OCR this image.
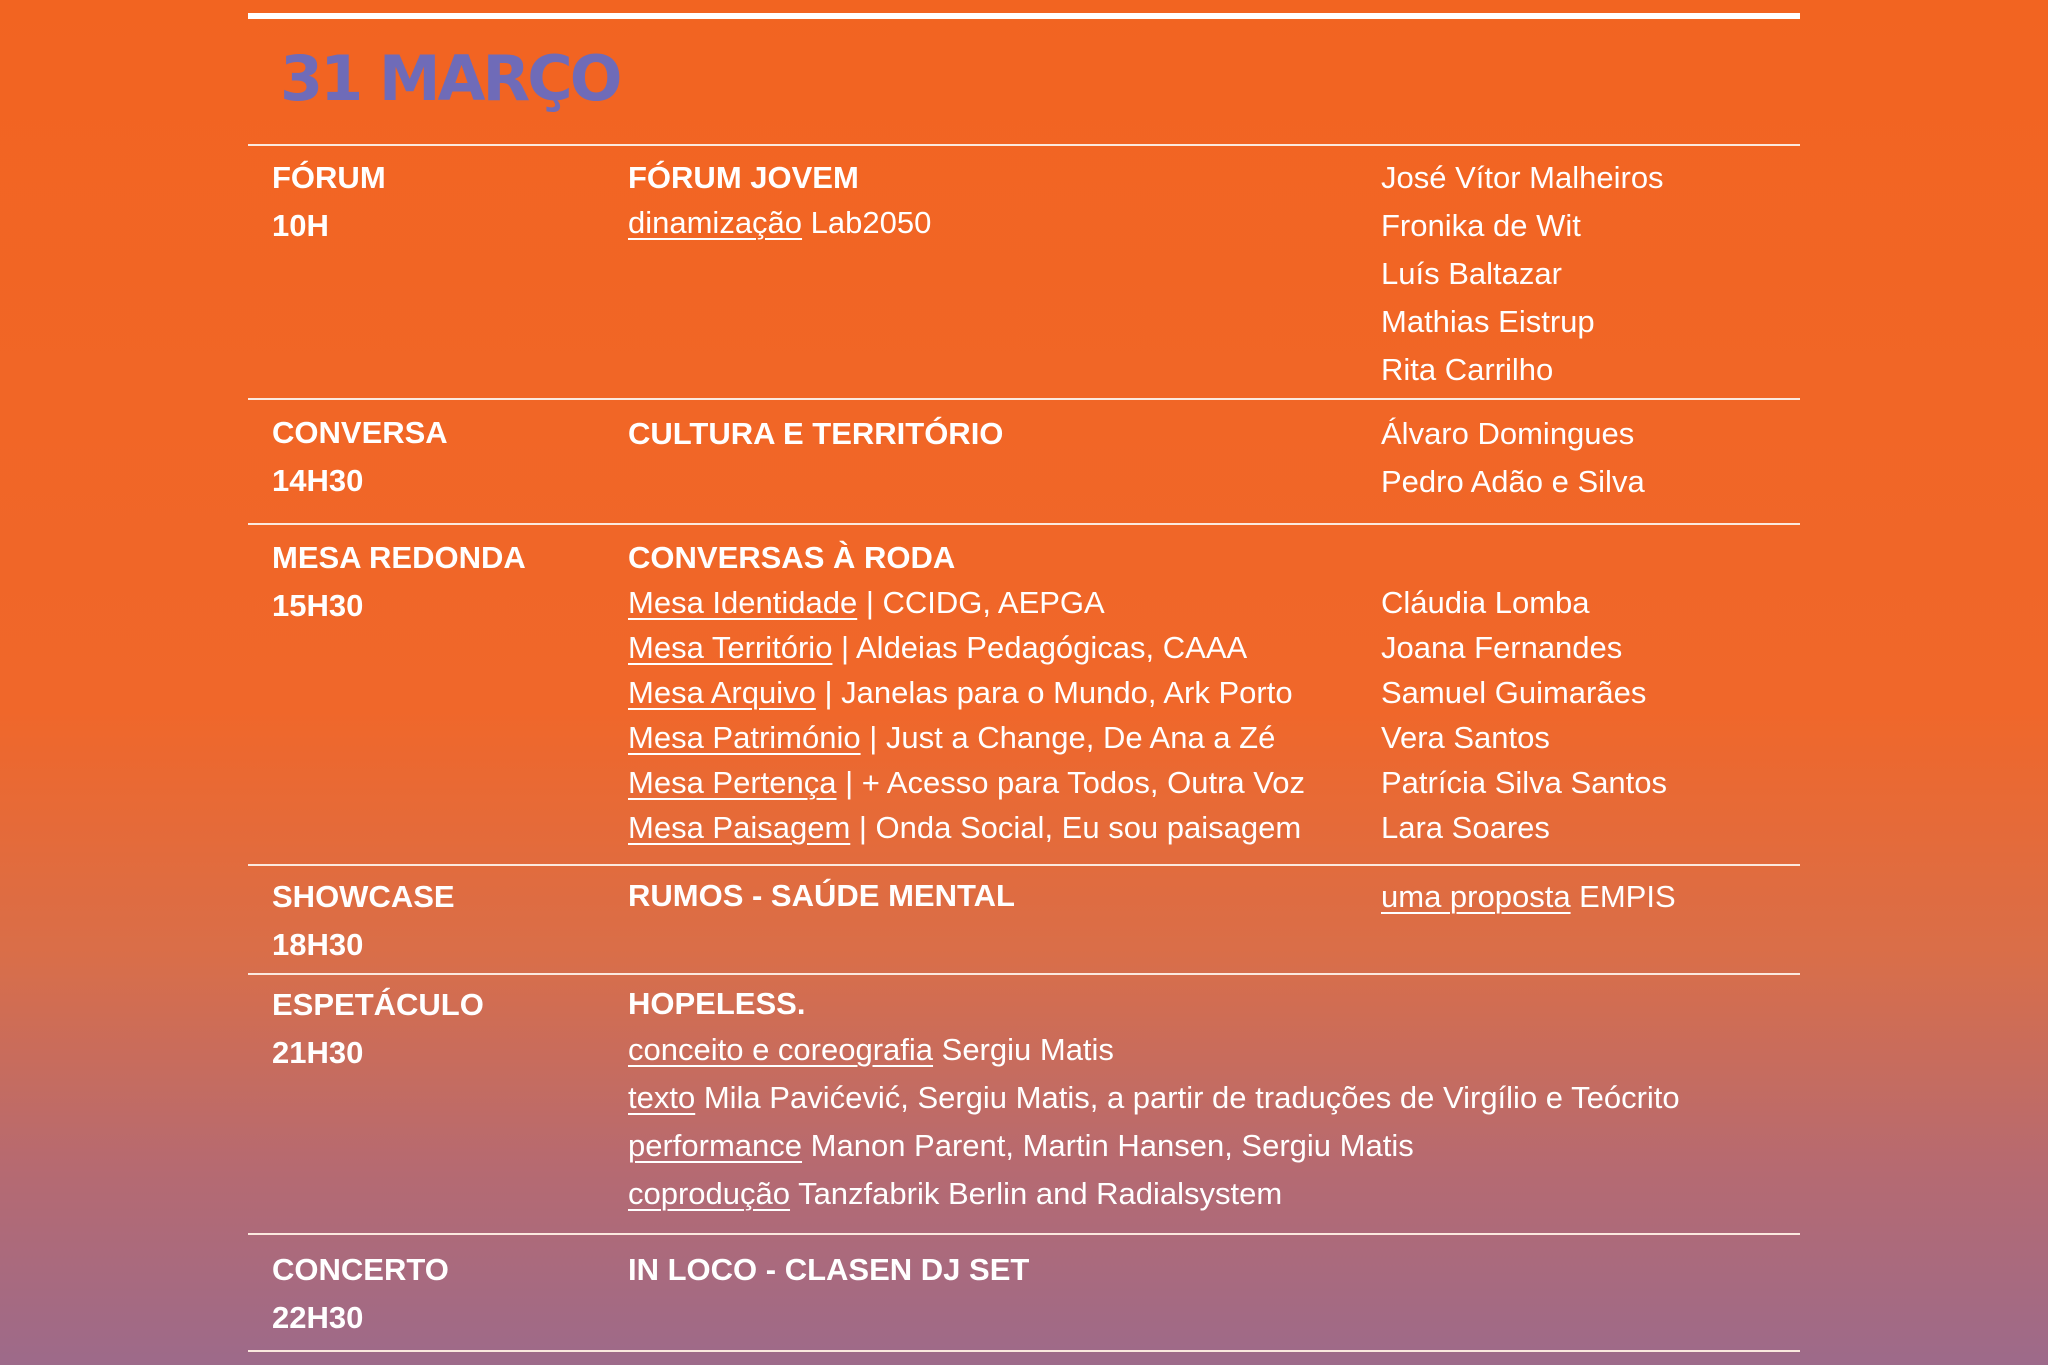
31 MARÇO
FÓRUM
10H
FÓRUM JOVEM
dinamização Lab2050
José Vítor Malheiros
Fronika de Wit
Luís Baltazar
Mathias Eistrup
Rita Carrilho
CONVERSA
14H30
CULTURA E TERRITÓRIO	Álvaro Domingues
Pedro Adão e Silva
MESA REDONDA
15H30
CONVERSAS À RODA
Mesa Identidade | CCIDG, AEPGA
Mesa Território | Aldeias Pedagógicas, CAAA
Mesa Arquivo | Janelas para o Mundo, Ark Porto
Mesa Património | Just a Change, De Ana a Zé
Mesa Pertença | + Acesso para Todos, Outra Voz
Mesa Paisagem | Onda Social, Eu sou paisagem
Cláudia Lomba
Joana Fernandes
Samuel Guimarães
Vera Santos
Patrícia Silva Santos
Lara Soares
SHOWCASE
18H30
RUMOS - SAÚDE MENTAL	uma proposta EMPIS
ESPETÁCULO
21H30
HOPELESS.
conceito e coreografia Sergiu Matis
texto Mila Pavićević, Sergiu Matis, a partir de traduções de Virgílio e Teócrito
performance Manon Parent, Martin Hansen, Sergiu Matis
coprodução Tanzfabrik Berlin and Radialsystem
CONCERTO
22H30
IN LOCO - CLASEN DJ SET
